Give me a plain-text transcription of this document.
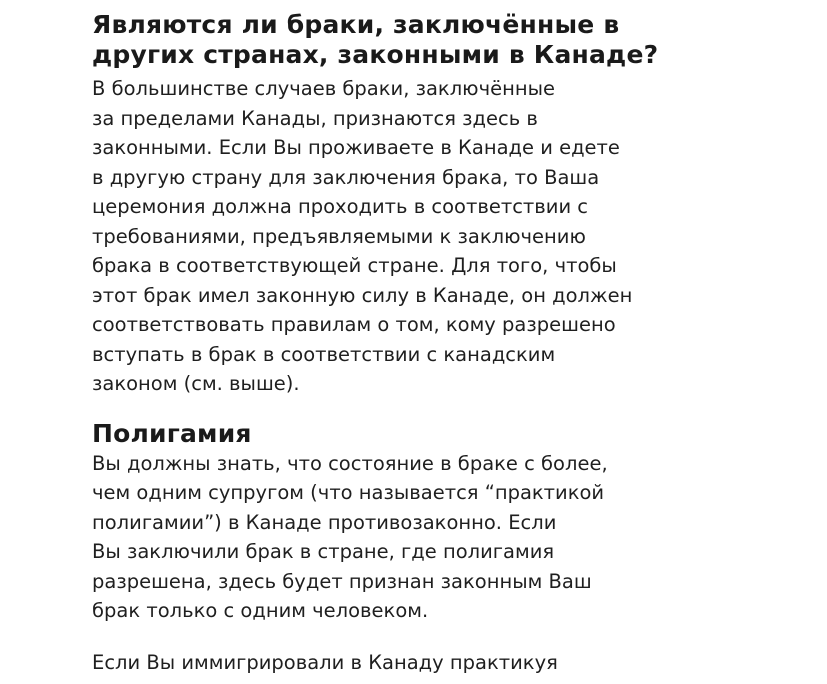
Являются ли браки, заключённые в
других странах, законными в Канаде?

В большинстве случаев браки, заключённые
за пределами Канады, признаются здесь в
законными. Если Вы проживаете в Канаде и едете
в другую страну для заключения брака, то Ваша
церемония должна проходить в соответствии с
требованиями, предъявляемыми к заключению
брака в соответствующей стране. Для того, чтобы
этот брак имел законную силу в Канаде, он должен
соответствовать правилам о том, кому разрешено
вступать в брак в соответствии с канадским
законом (см. выше).

Полигамия

Вы должны знать, что состояние в браке с более,
чем одним супругом (что называется “практикой
полигамии”) в Канаде противозаконно. Если
Вы заключили брак в стране, где полигамия
разрешена, здесь будет признан законным Ваш
брак только с одним человеком.

Если Вы иммигрировали в Канаду практикуя
